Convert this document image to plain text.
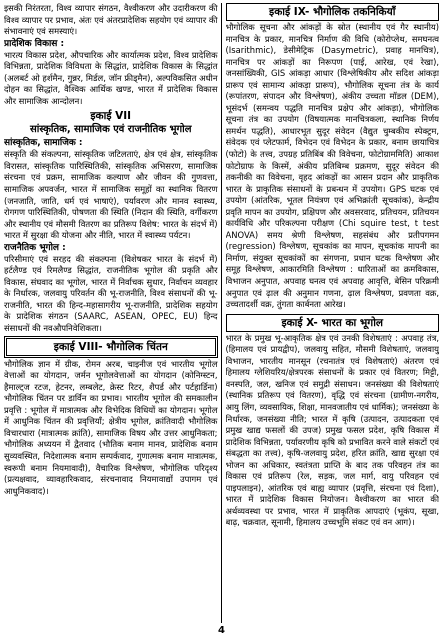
इसकी निरंतरता, विश्व व्यापार संगठन, वैश्वीकरण और उदारीकरण की विश्व व्यापार पर प्रभाव, अंतः एवं अंतरप्रादेशिक सहयोग एवं व्यापार की संभावनाएं एवं समस्याएं।

प्रादेशिक विकास :

भारत्य विकास प्रदेश, औपचारिक और कार्यात्मक प्रदेश, विश्व प्रादेशिक विभिन्नता, प्रादेशिक विविधता के सिद्धांत, प्रादेशिक विकास के सिद्धांत (अलबर्ट ओ हर्शमैन, गुन्नर, मिर्डल, जॉन फ्रीड्मैन), अल्पविकसित अधीन दोहन का सिद्धांत, वैश्विक आर्थिक खण्ड, भारत में प्रादेशिक विकास और सामाजिक आन्दोलन।

इकाई VII
सांस्कृतिक, सामाजिक एवं राजनीतिक भूगोल

सांस्कृतिक, सामाजिक :

संस्कृति की संकल्पना, सांस्कृतिक जटिलताएं, क्षेत्र एवं क्षेत्र, सांस्कृतिक विरासत, सांस्कृतिक पारिस्थितिकी, सांस्कृतिक अभिसरण, सामाजिक संरचना एवं प्रक्रम, सामाजिक कल्याण और जीवन की गुणवत्ता, सामाजिक अपवर्जन, भारत में सामाजिक समूहों का स्थानिक वितरण (जनजाति, जाति, धर्म एवं भाषाएं), पर्यावरण और मानव स्वास्थ्य, रोगगण पारिस्थितिकी, पोषणता की स्थिति (निदान की स्थिति, वर्गीकरण और स्थानीय एवं मौसमी वितरण का प्रतिरूप विशेष: भारत के संदर्भ में) भारत में सुरक्षा की योजना और नीति, भारत में स्वास्थ्य पर्यटन।

राजनैतिक भूगोल :

परिसीमाएं एवं सरहद की संकल्पना (विशेषकर भारत के संदर्भ में) हर्टलैण्ड एवं रिमलैण्ड सिद्धांत, राजनीतिक भूगोल की प्रकृति और विकास, संघवाद का भूगोल, भारत में निर्वाचक सुधार, निर्वाचन व्यवहार के निर्धारक, जलवायु परिवर्तन की भू-राजनीति, विश्व संसाधनों की भू-राजनीति, भारत की हिन्द-महासागरीय भू-राजनीति, प्रादेशिक सहयोग के प्रादेशिक संगठन (SAARC, ASEAN, OPEC, EU) हिन्द संसाधनों की नवऔपनिवेशिकता।

इकाई VIII- भौगोलिक चिंतन

भौगोलिक ज्ञान में ग्रीक, रोमन अरब, चाइनीज एवं भारतीय भूगोल वेत्ताओं का योगदान, जर्मन भूगोलवेत्ताओं का योगदान (कोनिग्स्टन, हैमाल्ट्ज रटज, हेटनर, लम्बलेट, क्रेस्ट रिटर, शैपर्ड और पर्टहार्डिना) भौगोलिक चिंतन पर डार्विन का प्रभाव। भारतीय भूगोल की समकालीन प्रवृत्ति : भूगोल में मात्रात्मक और विभेदिक विधियों का योगदान। भूगोल में आधुनिक चिंतन की प्रवृत्तियाँ; क्षेत्रीय भूगोल, क्रांतिवादी भौगोलिक विचारधारा (मात्रात्मक क्रांति), सामाजिक विषय और उत्तर आधुनिकता; भौगोलिक अध्ययन में द्वैतवाद (भौतिक बनाम मानव, प्रादेशिक बनाम सुव्यवस्थित, निदेशात्मक बनाम सम्पर्कवाद, गुणात्मक बनाम मात्रात्मक, स्वरूपी बनाम नियमावादी), वैचारिक विश्लेषण, भौगोलिक परिदृश्य (प्रत्यक्षवाद, व्यावहारिकवाद, संरचनावाद नियमावाद्यों उपागम एवं आधुनिकवाद)।

इकाई IX- भौगोलिक तकनिकियाँ

भौगोलिक सूचना और आंकड़ों के स्रोत (स्थानीय एवं गैर स्थानीय) मानचित्र के प्रकार, मानचित्र निर्माण की विधि (कोरोप्लेथ, समघनत्व (Isarithmic), डेसीमेट्रिक (Dasymetric), प्रवाह मानचित्र), मानचित्र पर आंकड़ों का निरूपण (पाई, आरेख, एवं रेखा), जनसांख्यिकी, GIS आंकड़ा आधार (विश्लेषिकीय और सदिश आंकड़ा प्रारूप एवं सामान्य आंकड़ा प्रारूप), भौगोलिक सूचना तंत्र के कार्य (रूपांतरण, संपादन और विश्लेषण), अंकीय उच्चता मॉडल (DEM), भूसंदर्भ (समन्वय पद्धति मानचित्र प्रक्षेप और आंकड़ा), भौगोलिक सूचना तंत्र का उपयोग (विषयात्मक मानचित्रकला, स्थानिक निर्णय समर्थन पद्धति), आधारभूत सुदूर संवेदन (वैद्युत चुम्बकीय स्पेक्ट्रम, संवेदक एवं प्लेटफार्म, विभेदन एवं विभेदन के प्रकार, बनाम छायाचित्र (फोटो) के तत्त्व, उपग्रह प्रतिबिंब की विवेचना, फोटोग्राममिति) आकाश फोटोग्राफ के किस्में, अंकीय प्रतिबिम्ब प्रक्रमण, सुदूर संवेदन की तकनीकी का विवेचना, वृहद आंकड़ों का आसन प्रदान और प्राकृतिक भारत के प्राकृतिक संसाधनों के प्रबन्धन में उपयोग। GPS घटक एवं उपयोग (आंतरिक, भूतल नियंत्रण एवं अभिक्रांती सूचकांक), केन्द्रीय प्रवृति मापन का उपयोग, प्रक्षिपण और अवसरवाद, प्रतिचयन, प्रतिचयन कार्यविधि और परिकल्पना परीक्षण (Chi squire test, t test ANOVA) समय श्रेणी विश्लेषण, सहसंबंध और प्रतीपगमन (regression) विश्लेषण, सूचकांक का मापन, सूचकांक मापनी का निर्माण, संयुक्त सूचकांकों का संगणना, प्रधान घटक विश्लेषण और समूह विश्लेषण, आकारमिति विश्लेषण : धारिताओं का क्रमविकास, विभाजन अनुपात, अपवाह घनत्व एवं अपवाह आवृत्ति, बेसिन परिक्रमी अनुपात एवं ढ़ाल की अनुमान गणना, ढ़ाल विश्लेषण, प्रवणता वक्र, उच्चतादर्शी वक्र, तुंगता कार्बनता आरेख।

इकाई X- भारत का भूगोल

भारत के प्रमुख भू-आकृतिक क्षेत्र एवं उनकी विशेषताएं : अपवाह तंत्र, (हिमालय एवं प्रायद्वीप), जलवायु सहित, मौसमी विशेषताएं, जलवायु विभाजन, भारतीय मानसून (रचनातंत्र एवं विशेषताएं) अंतरण एवं हिमालय ग्लेशियरिय/क्षेत्रपरक संसाधनों के प्रकार एवं वितरण; मिट्टी, वनस्पति, जल, खनिज एवं समुद्री संसाधन। जनसंख्या की विशेषताएं (स्थानिक प्रतिरूप एवं वितरण), वृद्धि एवं संरचना (ग्रामीण-नगरीय, आयु लिंग, व्यवसायिक, शिक्षा, मानवजातीय एवं धार्मिक); जनसंख्या के निर्धारक, जनसंख्या नीति; भारत में कृषि (उत्पादन, उत्पादकता एवं प्रमुख खाद्य फसलों की उपज) प्रमुख फसल प्रदेश, कृषि विकास में प्रादेशिक विभिन्नता, पर्यावरणीय कृषि को प्रभावित करने वाले संकटों एवं संबद्धता का तत्त्व), कृषि-जलवायु प्रदेश, हरित क्रांति, खाद्य सुरक्षा एवं भोजन का अधिकार, स्वतंत्रता प्राप्ति के बाद तक परिवहन तंत्र का विकास एवं प्रतिरूप (रेल, सड़क, जल मार्ग, वायु परिवहन एवं पाइपलाइन), आंतरिक एवं बाह्य व्यापार (प्रवृत्ति, संरचना एवं दिशा), भारत में प्रादेशिक विकास नियोजन। वैश्वीकरण का भारत की अर्थव्यवस्था पर प्रभाव, भारत में प्राकृतिक आपदाएं (भूकंप, सूखा, बाढ़, चक्रवात, सूनामी, हिमालय उच्चभूमि संकट एवं वन आग)।

4
